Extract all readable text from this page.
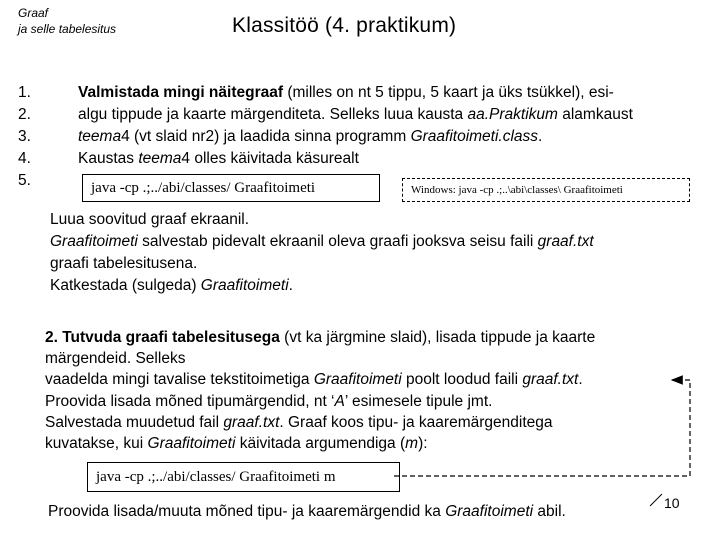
Graaf
ja selle tabelesitus	Klassitöö (4. praktikum)
1.
2.
3.
4.
5.
Valmistada mingi näitegraaf (milles on nt 5 tippu, 5 kaart ja üks tsükkel), esi-
algu tippude ja kaarte märgenditeta. Selleks luua kausta aa.Praktikum alamkaust
teema4 (vt slaid nr2) ja laadida sinna programm Graafitoimeti.class.
Kaustas teema4 olles käivitada käsurealt
java -cp .;../abi/classes/ Graafitoimeti	Windows: java -cp .;..\abi\classes\ Graafitoimeti
Luua soovitud graaf ekraanil.
Graafitoimeti salvestab pidevalt ekraanil oleva graafi jooksva seisu faili graaf.txt
graafi tabelesitusena.
Katkestada (sulgeda) Graafitoimeti.
2. Tutvuda graafi tabelesitusega (vt ka järgmine slaid), lisada tippude ja kaarte
märgendeid. Selleks
vaadelda mingi tavalise tekstitoimetiga Graafitoimeti poolt loodud faili graaf.txt.
Proovida lisada mõned tipumärgendid, nt ‘A’ esimesele tipule jmt.
Salvestada muudetud fail graaf.txt. Graaf koos tipu- ja kaaremärgenditega
kuvatakse, kui Graafitoimeti käivitada argumendiga (m):
java -cp .;../abi/classes/ Graafitoimeti m
Proovida lisada/muuta mõned tipu- ja kaaremärgendid ka Graafitoimeti abil.	10
